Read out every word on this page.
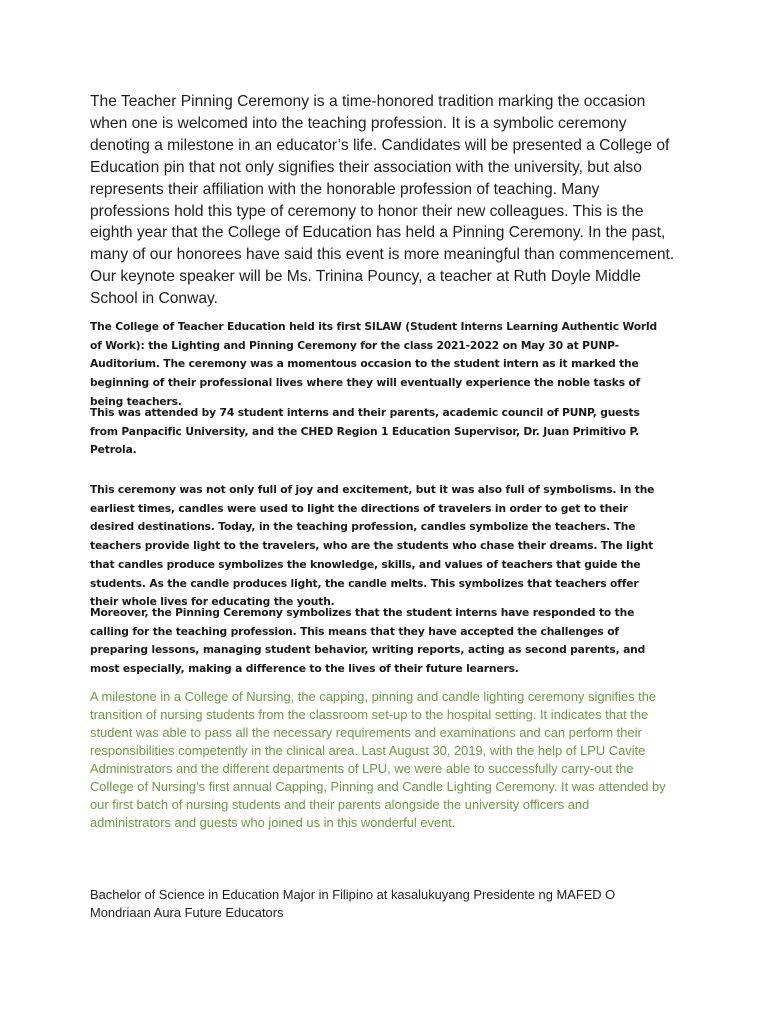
The Teacher Pinning Ceremony is a time-honored tradition marking the occasion when one is welcomed into the teaching profession. It is a symbolic ceremony denoting a milestone in an educator’s life. Candidates will be presented a College of Education pin that not only signifies their association with the university, but also represents their affiliation with the honorable profession of teaching. Many professions hold this type of ceremony to honor their new colleagues. This is the eighth year that the College of Education has held a Pinning Ceremony. In the past, many of our honorees have said this event is more meaningful than commencement. Our keynote speaker will be Ms. Trinina Pouncy, a teacher at Ruth Doyle Middle School in Conway.

The College of Teacher Education held its first SILAW (Student Interns Learning Authentic World of Work): the Lighting and Pinning Ceremony for the class 2021-2022 on May 30 at PUNP-Auditorium. The ceremony was a momentous occasion to the student intern as it marked the beginning of their professional lives where they will eventually experience the noble tasks of being teachers.

This was attended by 74 student interns and their parents, academic council of PUNP, guests from Panpacific University, and the CHED Region 1 Education Supervisor, Dr. Juan Primitivo P. Petrola.

This ceremony was not only full of joy and excitement, but it was also full of symbolisms. In the earliest times, candles were used to light the directions of travelers in order to get to their desired destinations. Today, in the teaching profession, candles symbolize the teachers. The teachers provide light to the travelers, who are the students who chase their dreams. The light that candles produce symbolizes the knowledge, skills, and values of teachers that guide the students. As the candle produces light, the candle melts. This symbolizes that teachers offer their whole lives for educating the youth.

Moreover, the Pinning Ceremony symbolizes that the student interns have responded to the calling for the teaching profession. This means that they have accepted the challenges of preparing lessons, managing student behavior, writing reports, acting as second parents, and most especially, making a difference to the lives of their future learners.

A milestone in a College of Nursing, the capping, pinning and candle lighting ceremony signifies the transition of nursing students from the classroom set-up to the hospital setting. It indicates that the student was able to pass all the necessary requirements and examinations and can perform their responsibilities competently in the clinical area. Last August 30, 2019, with the help of LPU Cavite Administrators and the different departments of LPU, we were able to successfully carry-out the College of Nursing’s first annual Capping, Pinning and Candle Lighting Ceremony. It was attended by our first batch of nursing students and their parents alongside the university officers and administrators and guests who joined us in this wonderful event.

Bachelor of Science in Education Major in Filipino at kasalukuyang Presidente ng MAFED O Mondriaan Aura Future Educators
